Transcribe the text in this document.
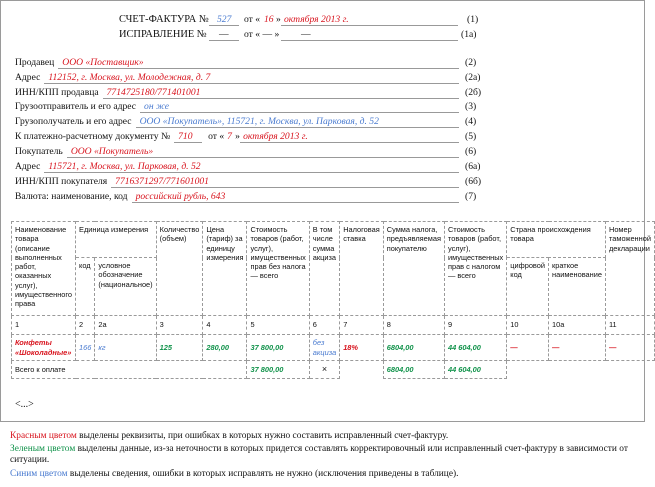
СЧЕТ-ФАКТУРА № 527 от « 16 » октября 2013 г.	(1)
ИСПРАВЛЕНИЕ № — от « — » —	(1а)
Продавец ООО «Поставщик»	(2)
Адрес 112152, г. Москва, ул. Молодежная, д. 7	(2а)
ИНН/КПП продавца 7714725180/771401001	(2б)
Грузоотправитель и его адрес он же	(3)
Грузополучатель и его адрес ООО «Покупатель», 115721, г. Москва, ул. Парковая, д. 52	(4)
К платежно-расчетному документу № 710 от « 7 » октября 2013 г.	(5)
Покупатель ООО «Покупатель»	(6)
Адрес 115721, г. Москва, ул. Парковая, д. 52	(6а)
ИНН/КПП покупателя 7716371297/771601001	(6б)
Валюта: наименование, код российский рубль, 643	(7)
Наименование товара (описание выполненных работ, оказанных услуг), имущественного права	Единица измерения		Количество (объем)	Цена (тариф) за единицу измерения	Стоимость товаров (работ, услуг), имущественных прав без налога — всего	В том числе сумма акциза	Налоговая ставка	Сумма налога, предъявляемая покупателю	Стоимость товаров (работ, услуг), имущественных прав с налогом — всего	Страна происхождения товара		Номер таможенной декларации
	код	условное обозначение (национальное)								цифровой код	краткое наименование	
1	2	2а	3	4	5	6	7	8	9	10	10а	11
Конфеты «Шоколадные»	166	кг	125	280,00	37 800,00	без акциза	18%	6804,00	44 604,00	—	—	—
Всего к оплате					37 800,00	×		6804,00	44 604,00			
<...>
Красным цветом выделены реквизиты, при ошибках в которых нужно составить исправленный счет-фактуру.
Зеленым цветом выделены данные, из-за неточности в которых придется составлять корректировочный или исправленный счет-фактуру в зависимости от ситуации.
Синим цветом выделены сведения, ошибки в которых исправлять не нужно (исключения приведены в таблице).
